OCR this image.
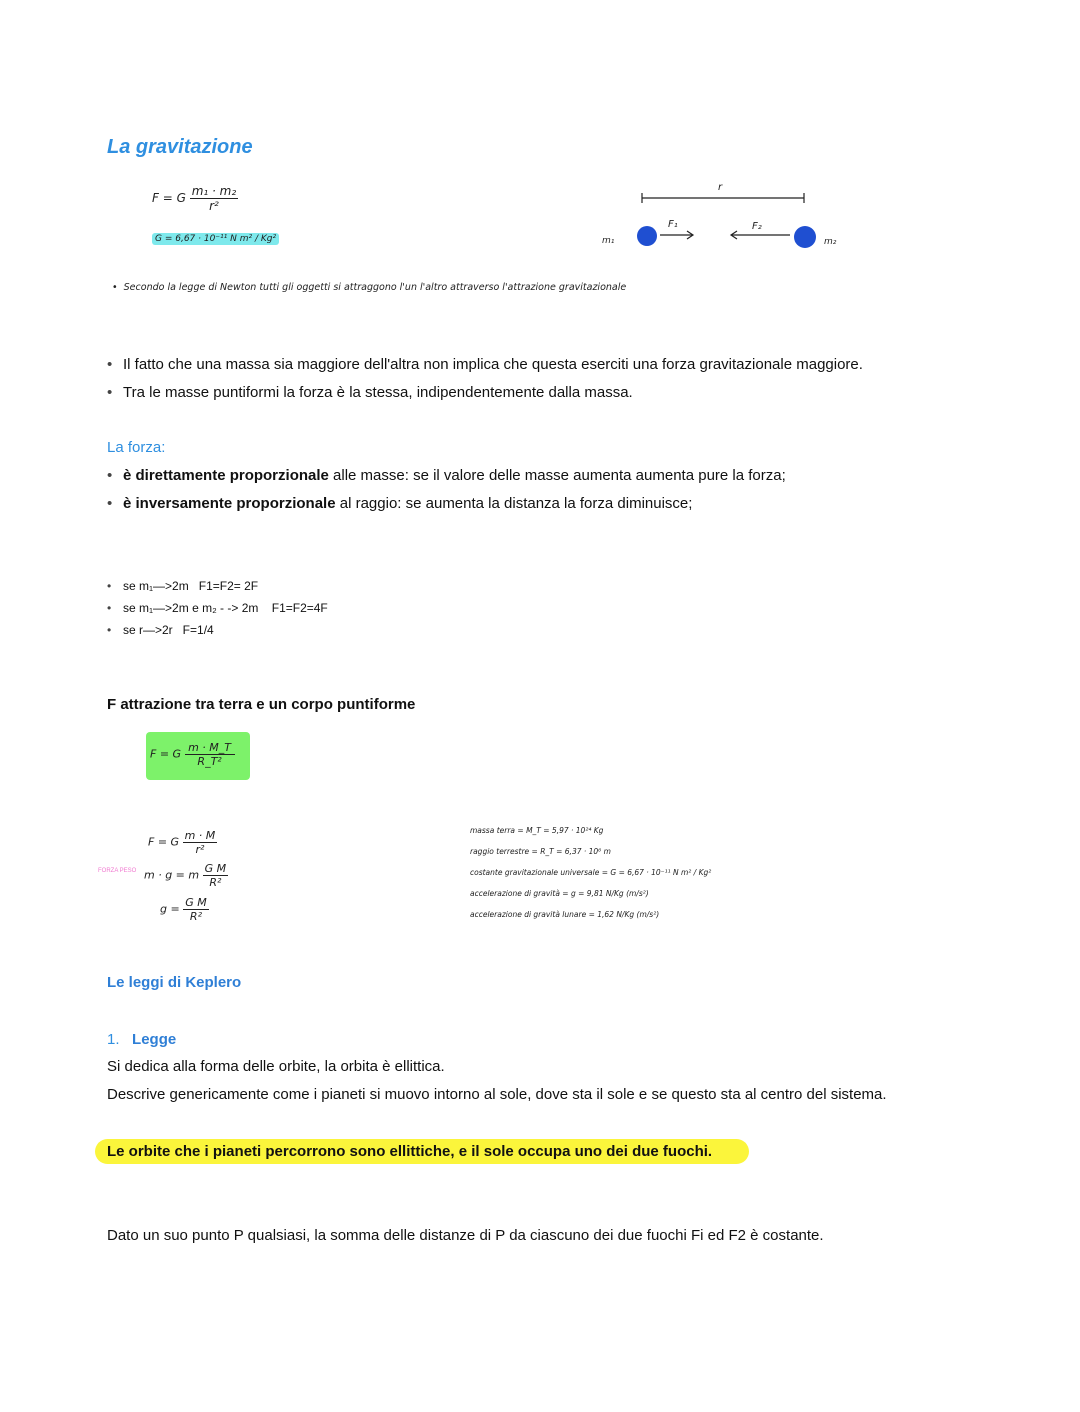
La gravitazione
F = G $\frac{\text{m₁ · m₂}}{\text{r²}}$
G = 6,67 · 10⁻¹¹ N m² / Kg²
r
F₁	F₂
m₁	m₂
•  Secondo la legge di Newton tutti gli oggetti si attraggono l'un l'altro attraverso l'attrazione gravitazionale
• Il fatto che una massa sia maggiore dell'altra non implica che questa eserciti una forza gravitazionale maggiore.
• Tra le masse puntiformi la forza è la stessa, indipendentemente dalla massa.
La forza:
• è direttamente proporzionale alle masse: se il valore delle masse aumenta aumenta pure la forza;
• è inversamente proporzionale al raggio: se aumenta la distanza la forza diminuisce;
• se m₁—>2m   F1=F2= 2F
• se m₁—>2m e m₂ - -> 2m    F1=F2=4F
• se r—>2r   F=1/4
F attrazione tra terra e un corpo puntiforme
F = G $\frac{m \cdot M\_T}{\text{R\_T²}}$
F = G $\frac{m \cdot M}{\text{r²}}$
FORZA PESO m · g = m $\frac{\text{G M}}{\text{R²}}$
$g = \frac{\text{G M}}{\text{R²}}$
massa terra = M_T = 5,97 · 10²⁴ Kg
raggio terrestre = R_T = 6,37 · 10⁶ m
costante gravitazionale universale = G = 6,67 · 10⁻¹¹ N m² / Kg²
accelerazione di gravità = g = 9,81 N/Kg (m/s²)
accelerazione di gravità lunare = 1,62 N/Kg (m/s²)
Le leggi di Keplero
1. Legge
Si dedica alla forma delle orbite, la orbita è ellittica.
Descrive genericamente come i pianeti si muovo intorno al sole, dove sta il sole e se questo sta al centro del sistema.
Le orbite che i pianeti percorrono sono ellittiche, e il sole occupa uno dei due fuochi.
Dato un suo punto P qualsiasi, la somma delle distanze di P da ciascuno dei due fuochi Fi ed F2 è costante.
